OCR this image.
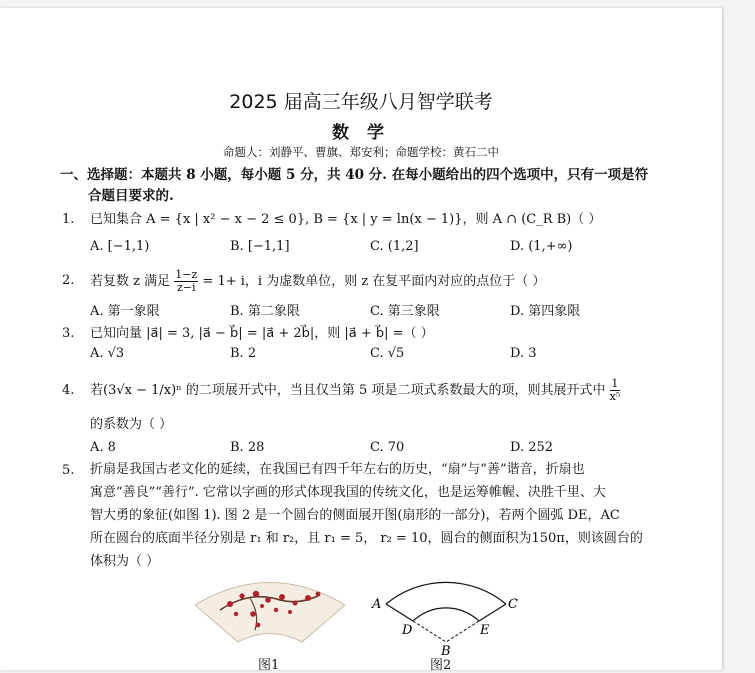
2025 届高三年级八月智学联考
数 学
命题人：刘静平、曹旗、郑安利；命题学校：黄石二中
一、选择题：本题共 8 小题，每小题 5 分，共 40 分. 在每小题给出的四个选项中，只有一项是符
合题目要求的.
1. 已知集合 A = {x | x² − x − 2 ≤ 0}, B = {x | y = ln(x − 1)}，则 A ∩ (C_R B)（ ）
A. [−1,1)	B. [−1,1]	C. (1,2]	D. (1,+∞)
2. 若复数 z 满足 $\frac{1-z}{z-i} = 1+ i$，i 为虚数单位，则 z 在复平面内对应的点位于（ ）
A. 第一象限	B. 第二象限	C. 第三象限	D. 第四象限
3. 已知向量 |a⃗| = 3, |a⃗ − b⃗| = |a⃗ + 2b⃗|，则 |a⃗ + b⃗| =（ ）
A. √3	B. 2	C. √5	D. 3
4. 若(3√x − 1/x)ⁿ 的二项展开式中，当且仅当第 5 项是二项式系数最大的项，则其展开式中 $\frac{1}{\text{x⁵}}$
的系数为（ ）
A. 8	B. 28	C. 70	D. 252
5. 折扇是我国古老文化的延续，在我国已有四千年左右的历史，“扇”与“善”谐音，折扇也
寓意“善良”“善行”. 它常以字画的形式体现我国的传统文化，也是运筹帷幄、决胜千里、大
智大勇的象征(如图 1). 图 2 是一个圆台的侧面展开图(扇形的一部分)，若两个圆弧 DE，AC
所在圆台的底面半径分别是 r₁ 和 r₂，且 r₁ = 5， r₂ = 10，圆台的侧面积为150π，则该圆台的
体积为（ ）
图1
A	C
D	E
B
图2
